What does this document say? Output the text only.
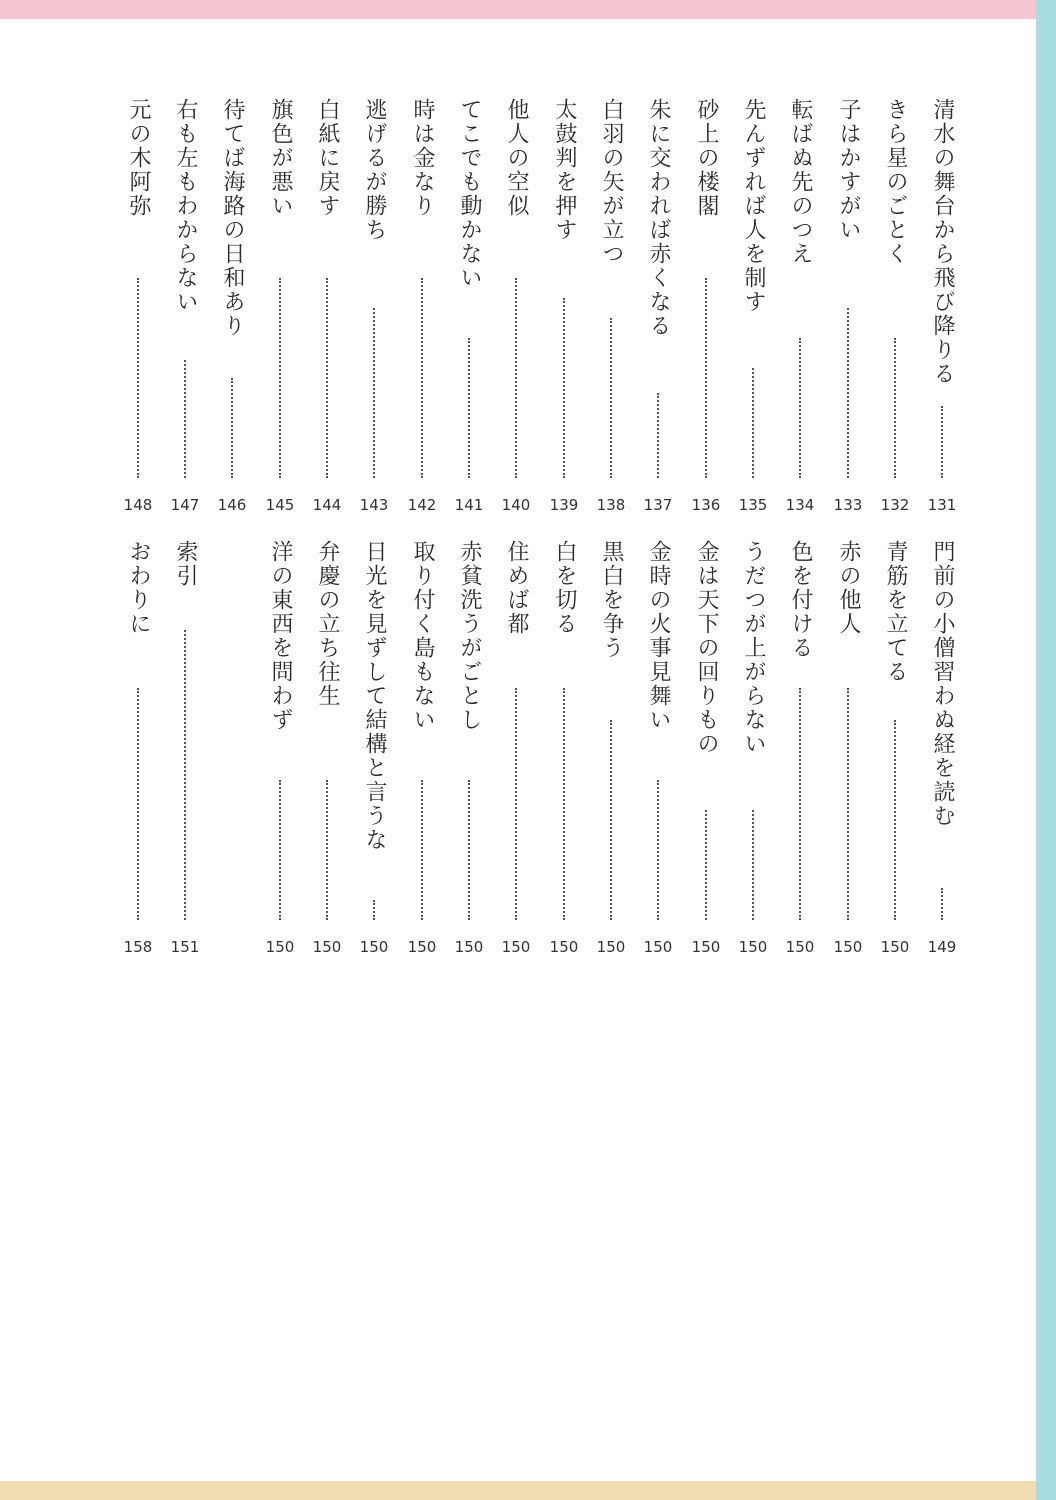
清水の舞台から飛び降りる
131
きら星のごとく
132
子はかすがい
133
転ばぬ先のつえ
134
先んずれば人を制す
135
砂上の楼閣
136
朱に交われば赤くなる
137
白羽の矢が立つ
138
太鼓判を押す
139
他人の空似
140
てこでも動かない
141
時は金なり
142
逃げるが勝ち
143
白紙に戻す
144
旗色が悪い
145
待てば海路の日和あり
146
右も左もわからない
147
元の木阿弥
148
門前の小僧習わぬ経を読む
149
青筋を立てる
150
赤の他人
150
色を付ける
150
うだつが上がらない
150
金は天下の回りもの
150
金時の火事見舞い
150
黒白を争う
150
白を切る
150
住めば都
150
赤貧洗うがごとし
150
取り付く島もない
150
日光を見ずして結構と言うな
150
弁慶の立ち往生
150
洋の東西を問わず
150
索引
151
おわりに
158
